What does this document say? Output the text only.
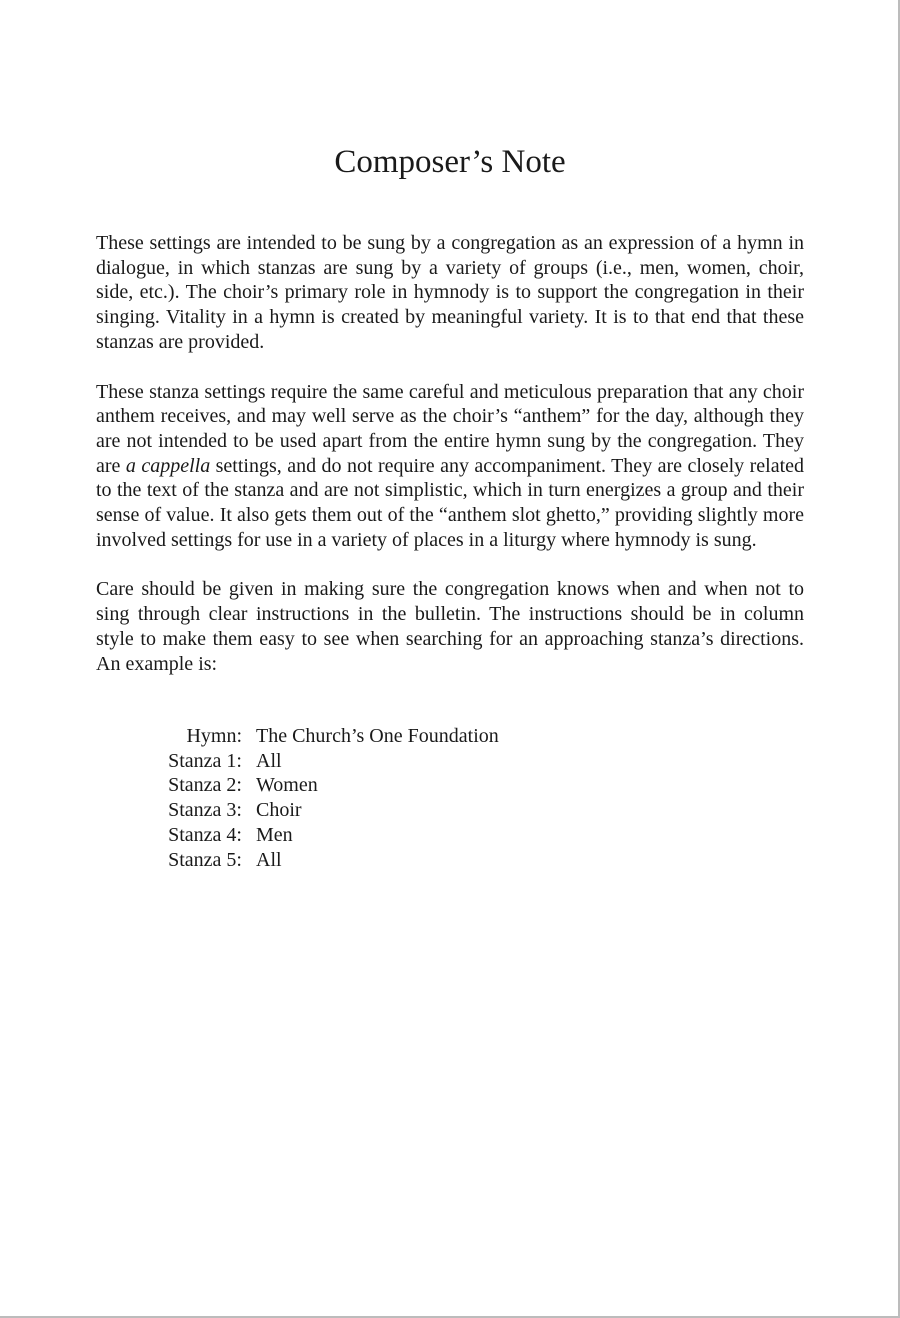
Composer’s Note

These settings are intended to be sung by a congregation as an expression of a hymn in dialogue, in which stanzas are sung by a variety of groups (i.e., men, women, choir, side, etc.). The choir’s primary role in hymnody is to support the congregation in their singing. Vitality in a hymn is created by meaningful variety. It is to that end that these stanzas are provided.

These stanza settings require the same careful and meticulous preparation that any choir anthem receives, and may well serve as the choir’s “anthem” for the day, although they are not intended to be used apart from the entire hymn sung by the congregation. They are a cappella settings, and do not require any accompaniment. They are closely related to the text of the stanza and are not simplistic, which in turn energizes a group and their sense of value. It also gets them out of the “anthem slot ghetto,” providing slightly more involved settings for use in a variety of places in a liturgy where hymnody is sung.

Care should be given in making sure the congregation knows when and when not to sing through clear instructions in the bulletin. The instructions should be in column style to make them easy to see when searching for an approaching stanza’s directions. An example is:

Hymn: The Church’s One Foundation
Stanza 1: All
Stanza 2: Women
Stanza 3: Choir
Stanza 4: Men
Stanza 5: All
